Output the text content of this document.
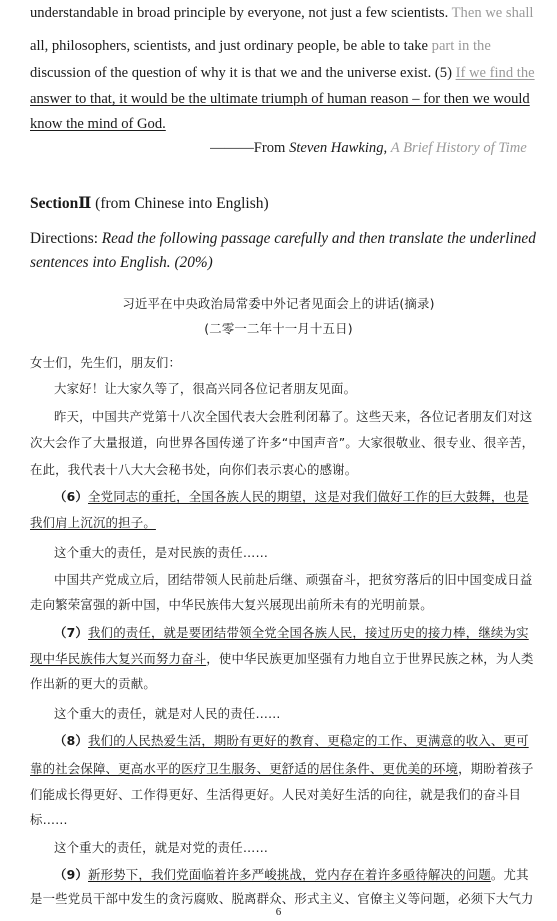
understandable in broad principle by everyone, not just a few scientists. Then we shall
all, philosophers, scientists, and just ordinary people, be able to take part in the
discussion of the question of why it is that we and the universe exist. (5) If we find the
answer to that, it would be the ultimate triumph of human reason – for then we would
know the mind of God.
———From Steven Hawking, A Brief History of Time
SectionⅡ (from Chinese into English)
Directions: Read the following passage carefully and then translate the underlined
sentences into English. (20%)
习近平在中央政治局常委中外记者见面会上的讲话(摘录)
(二零一二年十一月十五日)
女士们，先生们，朋友们：
大家好！让大家久等了，很高兴同各位记者朋友见面。
昨天，中国共产党第十八次全国代表大会胜利闭幕了。这些天来，各位记者朋友们对这
次大会作了大量报道，向世界各国传递了许多“中国声音”。大家很敬业、很专业、很辛苦，
在此，我代表十八大大会秘书处，向你们表示衷心的感谢。
（6）全党同志的重托，全国各族人民的期望，这是对我们做好工作的巨大鼓舞，也是
我们肩上沉沉的担子。
这个重大的责任，是对民族的责任……
中国共产党成立后，团结带领人民前赴后继、顽强奋斗，把贫穷落后的旧中国变成日益
走向繁荣富强的新中国，中华民族伟大复兴展现出前所未有的光明前景。
（7）我们的责任，就是要团结带领全党全国各族人民，接过历史的接力棒，继续为实
现中华民族伟大复兴而努力奋斗，使中华民族更加坚强有力地自立于世界民族之林，为人类
作出新的更大的贡献。
这个重大的责任，就是对人民的责任……
（8）我们的人民热爱生活，期盼有更好的教育、更稳定的工作、更满意的收入、更可
靠的社会保障、更高水平的医疗卫生服务、更舒适的居住条件、更优美的环境，期盼着孩子
们能成长得更好、工作得更好、生活得更好。人民对美好生活的向往，就是我们的奋斗目
标……
这个重大的责任，就是对党的责任……
（9）新形势下，我们党面临着许多严峻挑战，党内存在着许多亟待解决的问题。尤其
是一些党员干部中发生的贪污腐败、脱离群众、形式主义、官僚主义等问题，必须下大气力
6
